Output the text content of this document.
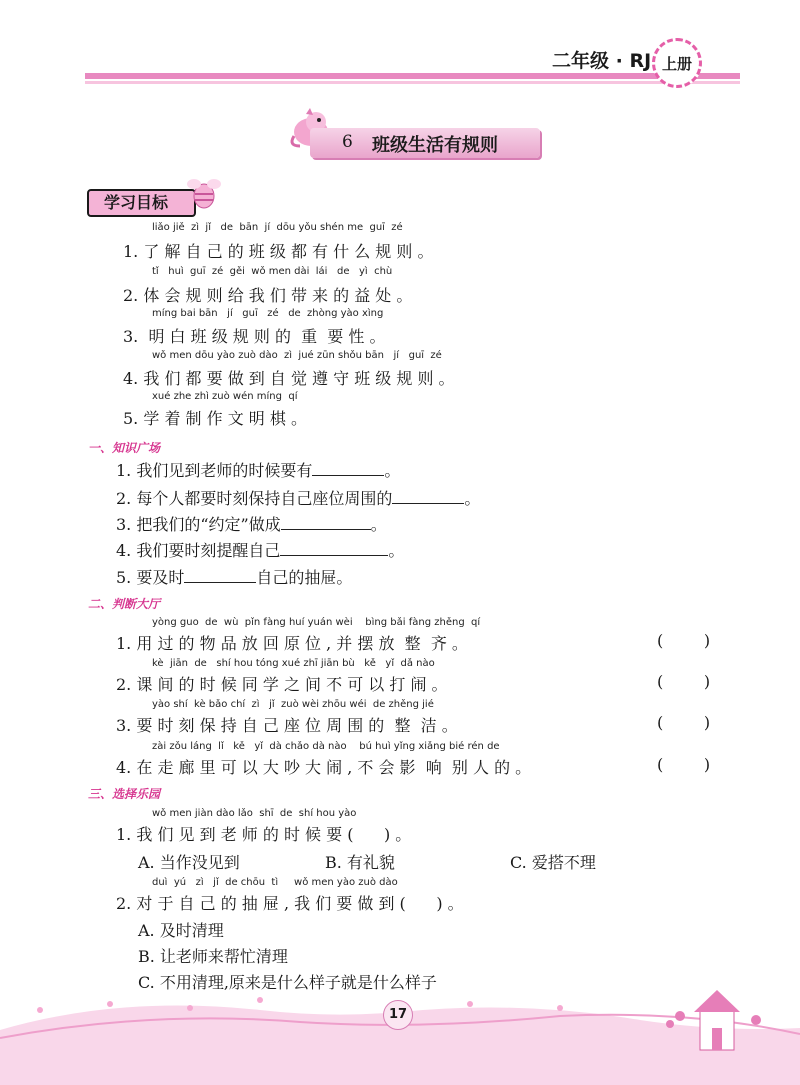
二年级 · RJ 上册
6 班级生活有规则
学习目标
liǎo jiě  zì  jǐ   de  bān  jí  dōu yǒu shén me  guī  zé
1. 了 解 自 己 的 班 级 都 有 什 么 规 则 。
tǐ   huì  guī  zé  gěi  wǒ men dài  lái   de   yì  chù
2. 体 会 规 则 给 我 们 带 来 的 益 处 。
míng bai bān   jí   guī   zé   de  zhòng yào xìng
3.  明 白 班 级 规 则 的  重  要 性 。
wǒ men dōu yào zuò dào  zì  jué zūn shǒu bān   jí   guī  zé
4. 我 们 都 要 做 到 自 觉 遵 守 班 级 规 则 。
xué zhe zhì zuò wén míng  qí
5. 学 着 制 作 文 明 棋 。
一、知识广场
1. 我们见到老师的时候要有	。
2. 每个人都要时刻保持自己座位周围的	。
3. 把我们的“约定”做成	。
4. 我们要时刻提醒自己	。
5. 要及时	自己的抽屉。
二、判断大厅
yòng guo  de  wù  pǐn fàng huí yuán wèi    bìng bǎi fàng zhěng  qí
1. 用 过 的 物 品 放 回 原 位 , 并 摆 放  整  齐 。	(        )
kè  jiān  de   shí hou tóng xué zhī jiān bù   kě   yǐ  dǎ nào
2. 课 间 的 时 候 同 学 之 间 不 可 以 打 闹 。	(        )
yào shí  kè bǎo chí  zì   jǐ  zuò wèi zhōu wéi  de zhěng jié
3. 要 时 刻 保 持 自 己 座 位 周 围 的  整  洁 。	(        )
zài zǒu láng  lǐ   kě   yǐ  dà chǎo dà nào    bú huì yǐng xiǎng bié rén de
4. 在 走 廊 里 可 以 大 吵 大 闹 , 不 会 影  响  别 人 的 。	(        )
三、选择乐园
wǒ men jiàn dào lǎo  shī  de  shí hou yào
1. 我 们 见 到 老 师 的 时 候 要 (      ) 。
A. 当作没见到	B. 有礼貌	C. 爱搭不理
duì  yú   zì   jǐ  de chōu  tì     wǒ men yào zuò dào
2. 对 于 自 己 的 抽 屉 , 我 们 要 做 到 (      ) 。
A. 及时清理
B. 让老师来帮忙清理
C. 不用清理,原来是什么样子就是什么样子
17
